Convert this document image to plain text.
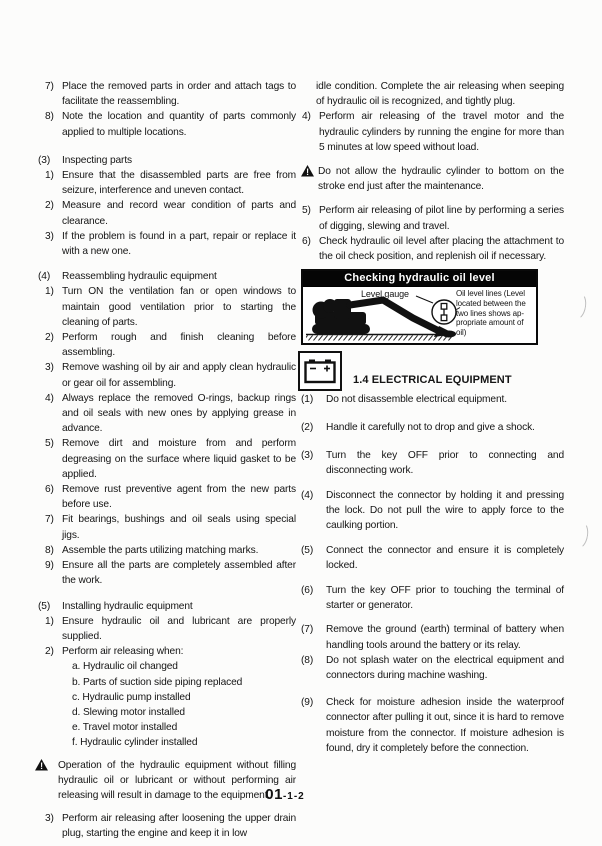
7) Place the removed parts in order and attach tags to facilitate the reassembling.
8) Note the location and quantity of parts commonly applied to multiple locations.
(3)	Inspecting parts
1) Ensure that the disassembled parts are free from seizure, interference and uneven contact.
2) Measure and record wear condition of parts and clearance.
3) If the problem is found in a part, repair or replace it with a new one.
(4)	Reassembling hydraulic equipment
1) Turn ON the ventilation fan or open windows to maintain good ventilation prior to starting the cleaning of parts.
2) Perform rough and finish cleaning before assembling.
3) Remove washing oil by air and apply clean hydraulic or gear oil for assembling.
4) Always replace the removed O-rings, backup rings and oil seals with new ones by applying grease in advance.
5) Remove dirt and moisture from and perform degreasing on the surface where liquid gasket to be applied.
6) Remove rust preventive agent from the new parts before use.
7) Fit bearings, bushings and oil seals using special jigs.
8) Assemble the parts utilizing matching marks.
9) Ensure all the parts are completely assembled after the work.
(5)	Installing hydraulic equipment
1) Ensure hydraulic oil and lubricant are properly supplied.
2) Perform air releasing when:
a. Hydraulic oil changed
b. Parts of suction side piping replaced
c. Hydraulic pump installed
d. Slewing motor installed
e. Travel motor installed
f. Hydraulic cylinder installed
! Operation of the hydraulic equipment without filling hydraulic oil or lubricant or without performing air releasing will result in damage to the equipment.
3) Perform air releasing after loosening the upper drain plug, starting the engine and keep it in low
idle condition. Complete the air releasing when seeping of hydraulic oil is recognized, and tightly plug.
4) Perform air releasing of the travel motor and the hydraulic cylinders by running the engine for more than 5 minutes at low speed without load.
! Do not allow the hydraulic cylinder to bottom on the stroke end just after the maintenance.
5) Perform air releasing of pilot line by performing a series of digging, slewing and travel.
6) Check hydraulic oil level after placing the attachment to the oil check position, and replenish oil if necessary.
Checking hydraulic oil level
Level gauge	Oil level lines (Level
located between the
two lines shows ap-
propriate amount of
oil)
1.4 ELECTRICAL EQUIPMENT
(1)	Do not disassemble electrical equipment.
(2)	Handle it carefully not to drop and give a shock.
(3)	Turn the key OFF prior to connecting and disconnecting work.
(4)	Disconnect the connector by holding it and pressing the lock. Do not pull the wire to apply force to the caulking portion.
(5)	Connect the connector and ensure it is completely locked.
(6)	Turn the key OFF prior to touching the terminal of starter or generator.
(7)	Remove the ground (earth) terminal of battery when handling tools around the battery or its relay.
(8)	Do not splash water on the electrical equipment and connectors during machine washing.
(9)	Check for moisture adhesion inside the waterproof connector after pulling it out, since it is hard to remove moisture from the connector. If moisture adhesion is found, dry it completely before the connection.
01-1-2
